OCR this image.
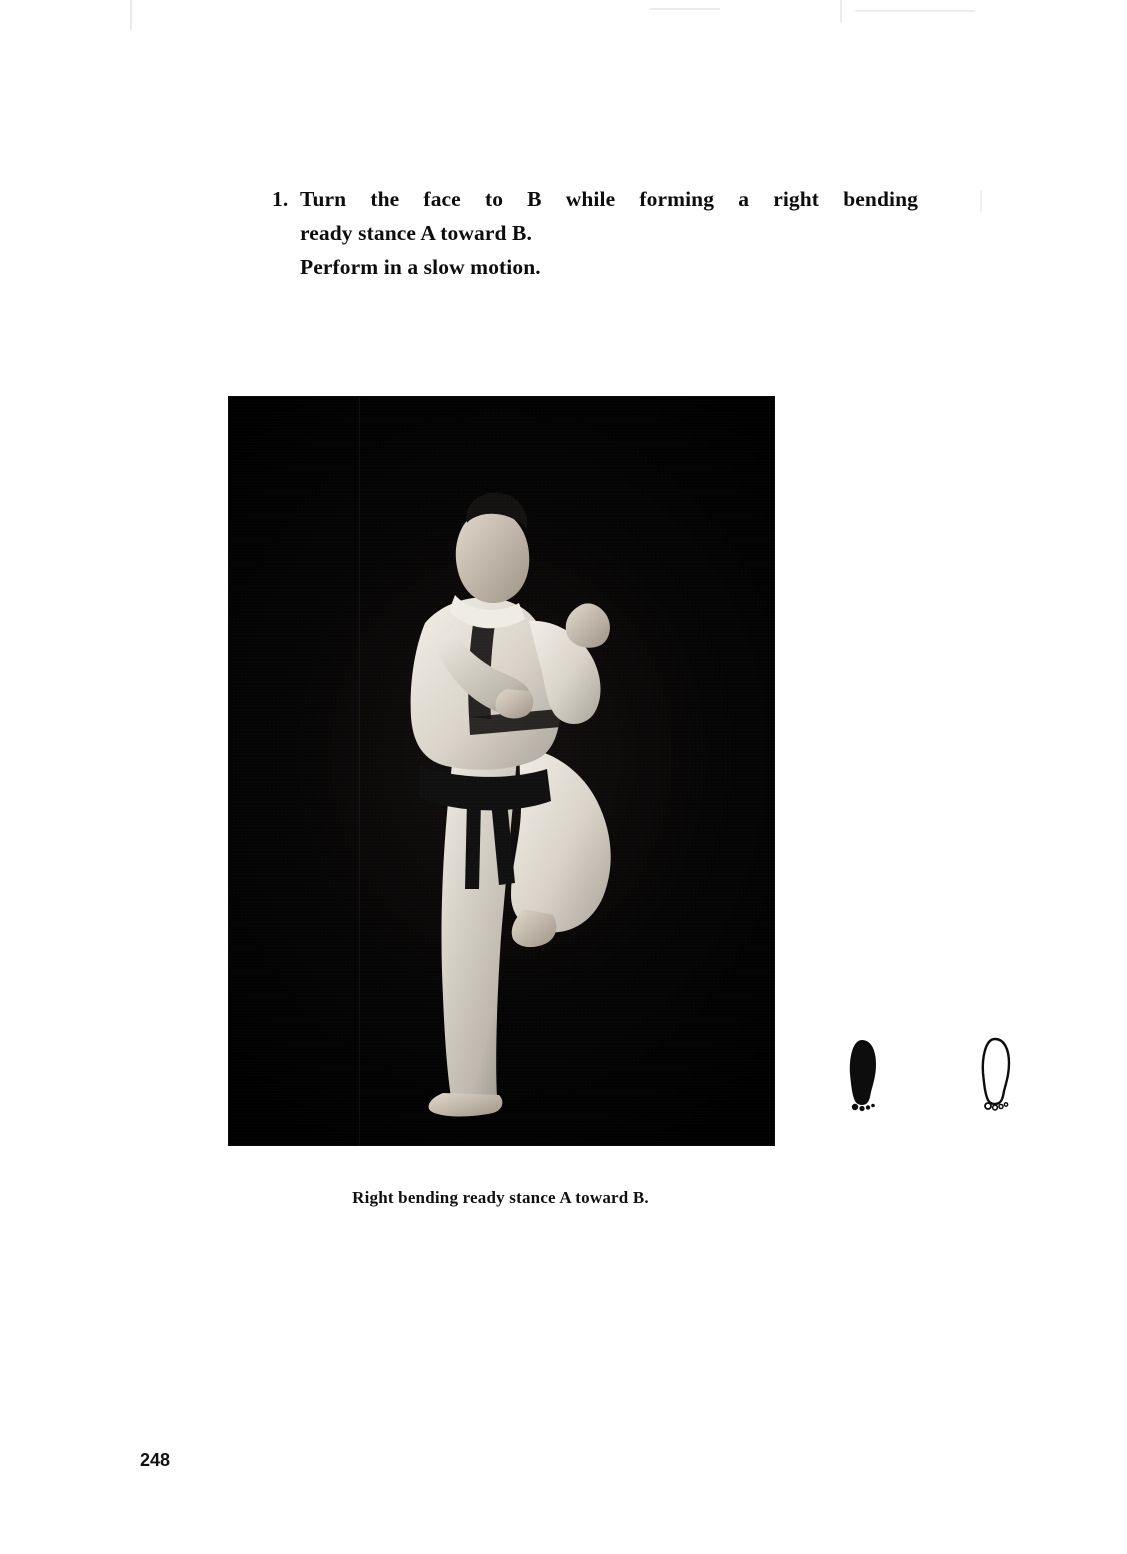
1. Turn the face to B while forming a right bending
ready stance A toward B.
Perform in a slow motion.
Right bending ready stance A toward B.
248
